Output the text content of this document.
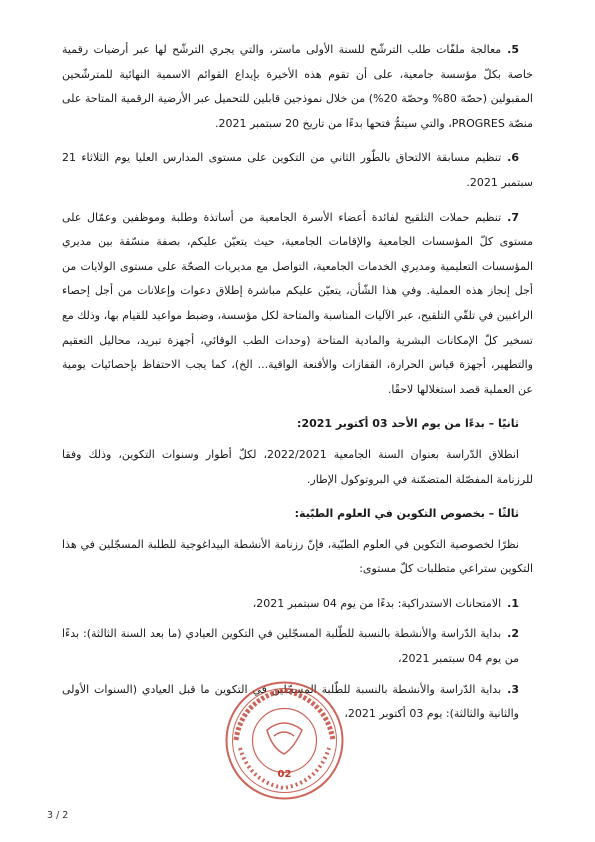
5.معالجة ملفّات طلب الترشّح للسنة الأولى ماستر، والتي يجري الترشّح لها عبر أرضيات رقمية خاصة بكلّ مؤسسة جامعية، على أن تقوم هذه الأخيرة بإيداع القوائم الاسمية النهائية للمترشّحين المقبولين (حصّة 80% وحصّة 20%) من خلال نموذجين قابلين للتحميل عبر الأرضية الرقمية المتاحة على منصّة PROGRES، والتي سيتمُّ فتحها بدءًا من تاريخ 20 سبتمبر 2021.

6.تنظيم مسابقة الالتحاق بالطّور الثاني من التكوين على مستوى المدارس العليا يوم الثلاثاء 21 سبتمبر 2021.

7.تنظيم حملات التلقيح لفائدة أعضاء الأسرة الجامعية من أساتذة وطلبة وموظفين وعمّال على مستوى كلّ المؤسسات الجامعية والإقامات الجامعية، حيث يتعيّن عليكم، بصفة منسّقة بين مديري المؤسسات التعليمية ومديري الخدمات الجامعية، التواصل مع مديريات الصحّة على مستوى الولايات من أجل إنجاز هذه العملية. وفي هذا الشّأن، يتعيّن عليكم مباشرة إطلاق دعوات وإعلانات من أجل إحصاء الراغبين في تلقّي التلقيح، عبر الآليات المناسبة والمتاحة لكل مؤسسة، وضبط مواعيد للقيام بها، وذلك مع تسخير كلّ الإمكانات البشرية والمادية المتاحة (وحدات الطب الوقائي، أجهزة تبريد، محاليل التعقيم والتطهير، أجهزة قياس الحرارة، القفازات والأقنعة الواقية... الخ)، كما يجب الاحتفاظ بإحصائيات يومية عن العملية قصد استغلالها لاحقًا.

ثانيًا – بدءًا من يوم الأحد 03 أكتوبر 2021:

انطلاق الدّراسة بعنوان السنة الجامعية 2022/2021، لكلّ أطوار وسنوات التكوين، وذلك وفقا للرزنامة المفصّلة المتضمّنة في البروتوكول الإطار.

ثالثًا – بخصوص التكوين في العلوم الطبّية:

نظرًا لخصوصية التكوين في العلوم الطبّية، فإنّ رزنامة الأنشطة البيداغوجية للطلبة المسجّلين في هذا التكوين ستراعي متطلبات كلّ مستوى:

1.الامتحانات الاستدراكية: بدءًا من يوم 04 سبتمبر 2021،

2.بداية الدّراسة والأنشطة بالنسبة للطّلبة المسجّلين في التكوين العيادي (ما بعد السنة الثالثة): بدءًا من يوم 04 سبتمبر 2021،

3.بداية الدّراسة والأنشطة بالنسبة للطّلبة المسجّلين في التكوين ما قبل العيادي (السنوات الأولى والثانية والثالثة): يوم 03 أكتوبر 2021،

02
3 / 2
